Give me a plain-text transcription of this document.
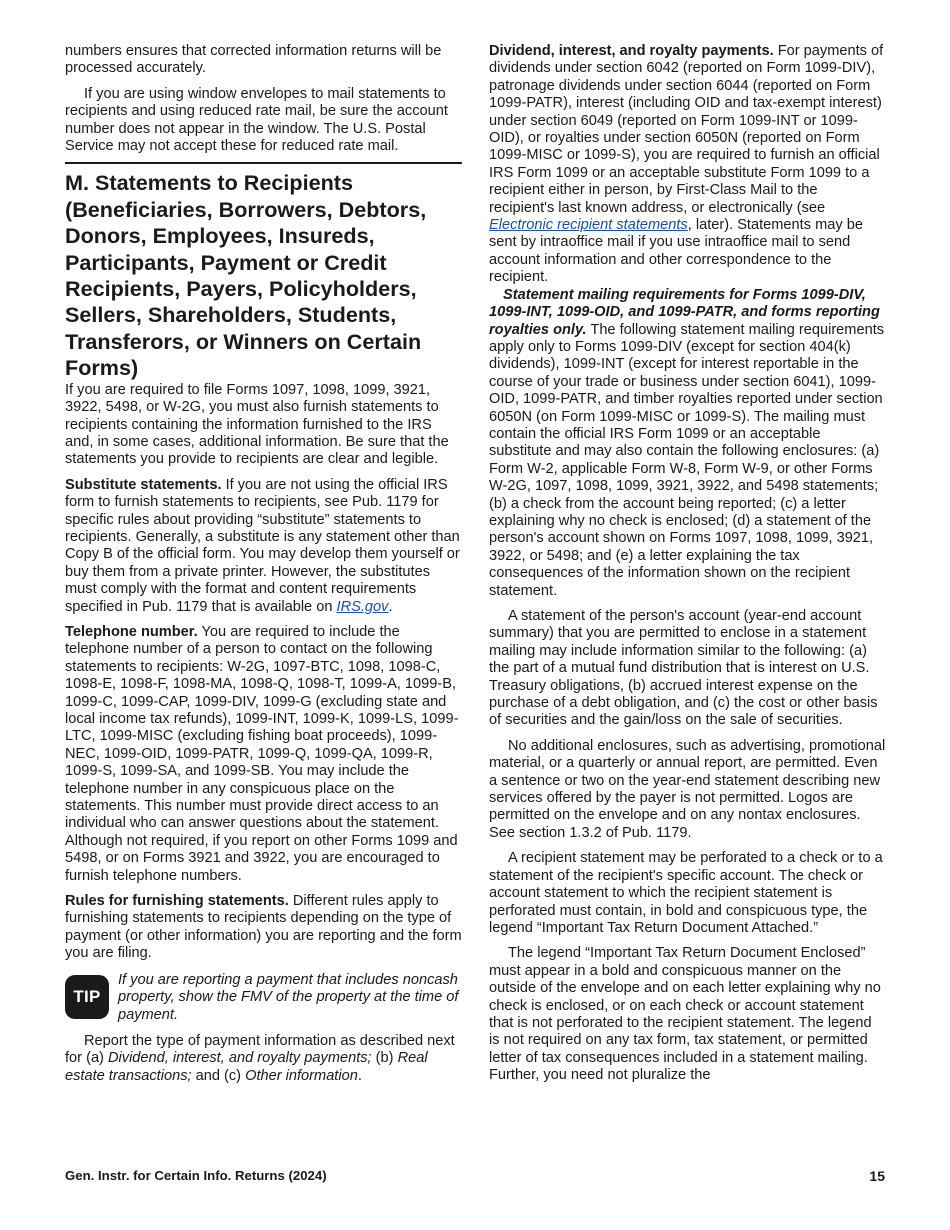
numbers ensures that corrected information returns will be processed accurately.

If you are using window envelopes to mail statements to recipients and using reduced rate mail, be sure the account number does not appear in the window. The U.S. Postal Service may not accept these for reduced rate mail.

M. Statements to Recipients (Beneficiaries, Borrowers, Debtors, Donors, Employees, Insureds, Participants, Payment or Credit Recipients, Payers, Policyholders, Sellers, Shareholders, Students, Transferors, or Winners on Certain Forms)

If you are required to file Forms 1097, 1098, 1099, 3921, 3922, 5498, or W-2G, you must also furnish statements to recipients containing the information furnished to the IRS and, in some cases, additional information. Be sure that the statements you provide to recipients are clear and legible.

Substitute statements. If you are not using the official IRS form to furnish statements to recipients, see Pub. 1179 for specific rules about providing “substitute” statements to recipients. Generally, a substitute is any statement other than Copy B of the official form. You may develop them yourself or buy them from a private printer. However, the substitutes must comply with the format and content requirements specified in Pub. 1179 that is available on IRS.gov.

Telephone number. You are required to include the telephone number of a person to contact on the following statements to recipients: W-2G, 1097-BTC, 1098, 1098-C, 1098-E, 1098-F, 1098-MA, 1098-Q, 1098-T, 1099-A, 1099-B, 1099-C, 1099-CAP, 1099-DIV, 1099-G (excluding state and local income tax refunds), 1099-INT, 1099-K, 1099-LS, 1099-LTC, 1099-MISC (excluding fishing boat proceeds), 1099-NEC, 1099-OID, 1099-PATR, 1099-Q, 1099-QA, 1099-R, 1099-S, 1099-SA, and 1099-SB. You may include the telephone number in any conspicuous place on the statements. This number must provide direct access to an individual who can answer questions about the statement. Although not required, if you report on other Forms 1099 and 5498, or on Forms 3921 and 3922, you are encouraged to furnish telephone numbers.

Rules for furnishing statements. Different rules apply to furnishing statements to recipients depending on the type of payment (or other information) you are reporting and the form you are filing.

TIP

If you are reporting a payment that includes noncash property, show the FMV of the property at the time of payment.

Report the type of payment information as described next for (a) Dividend, interest, and royalty payments; (b) Real estate transactions; and (c) Other information.

Dividend, interest, and royalty payments. For payments of dividends under section 6042 (reported on Form 1099-DIV), patronage dividends under section 6044 (reported on Form 1099-PATR), interest (including OID and tax-exempt interest) under section 6049 (reported on Form 1099-INT or 1099-OID), or royalties under section 6050N (reported on Form 1099-MISC or 1099-S), you are required to furnish an official IRS Form 1099 or an acceptable substitute Form 1099 to a recipient either in person, by First-Class Mail to the recipient's last known address, or electronically (see Electronic recipient statements, later). Statements may be sent by intraoffice mail if you use intraoffice mail to send account information and other correspondence to the recipient.

Statement mailing requirements for Forms 1099-DIV, 1099-INT, 1099-OID, and 1099-PATR, and forms reporting royalties only. The following statement mailing requirements apply only to Forms 1099-DIV (except for section 404(k) dividends), 1099-INT (except for interest reportable in the course of your trade or business under section 6041), 1099-OID, 1099-PATR, and timber royalties reported under section 6050N (on Form 1099-MISC or 1099-S). The mailing must contain the official IRS Form 1099 or an acceptable substitute and may also contain the following enclosures: (a) Form W-2, applicable Form W-8, Form W-9, or other Forms W-2G, 1097, 1098, 1099, 3921, 3922, and 5498 statements; (b) a check from the account being reported; (c) a letter explaining why no check is enclosed; (d) a statement of the person's account shown on Forms 1097, 1098, 1099, 3921, 3922, or 5498; and (e) a letter explaining the tax consequences of the information shown on the recipient statement.

A statement of the person's account (year-end account summary) that you are permitted to enclose in a statement mailing may include information similar to the following: (a) the part of a mutual fund distribution that is interest on U.S. Treasury obligations, (b) accrued interest expense on the purchase of a debt obligation, and (c) the cost or other basis of securities and the gain/loss on the sale of securities.

No additional enclosures, such as advertising, promotional material, or a quarterly or annual report, are permitted. Even a sentence or two on the year-end statement describing new services offered by the payer is not permitted. Logos are permitted on the envelope and on any nontax enclosures. See section 1.3.2 of Pub. 1179.

A recipient statement may be perforated to a check or to a statement of the recipient's specific account. The check or account statement to which the recipient statement is perforated must contain, in bold and conspicuous type, the legend “Important Tax Return Document Attached.”

The legend “Important Tax Return Document Enclosed” must appear in a bold and conspicuous manner on the outside of the envelope and on each letter explaining why no check is enclosed, or on each check or account statement that is not perforated to the recipient statement. The legend is not required on any tax form, tax statement, or permitted letter of tax consequences included in a statement mailing. Further, you need not pluralize the

Gen. Instr. for Certain Info. Returns (2024)	15
